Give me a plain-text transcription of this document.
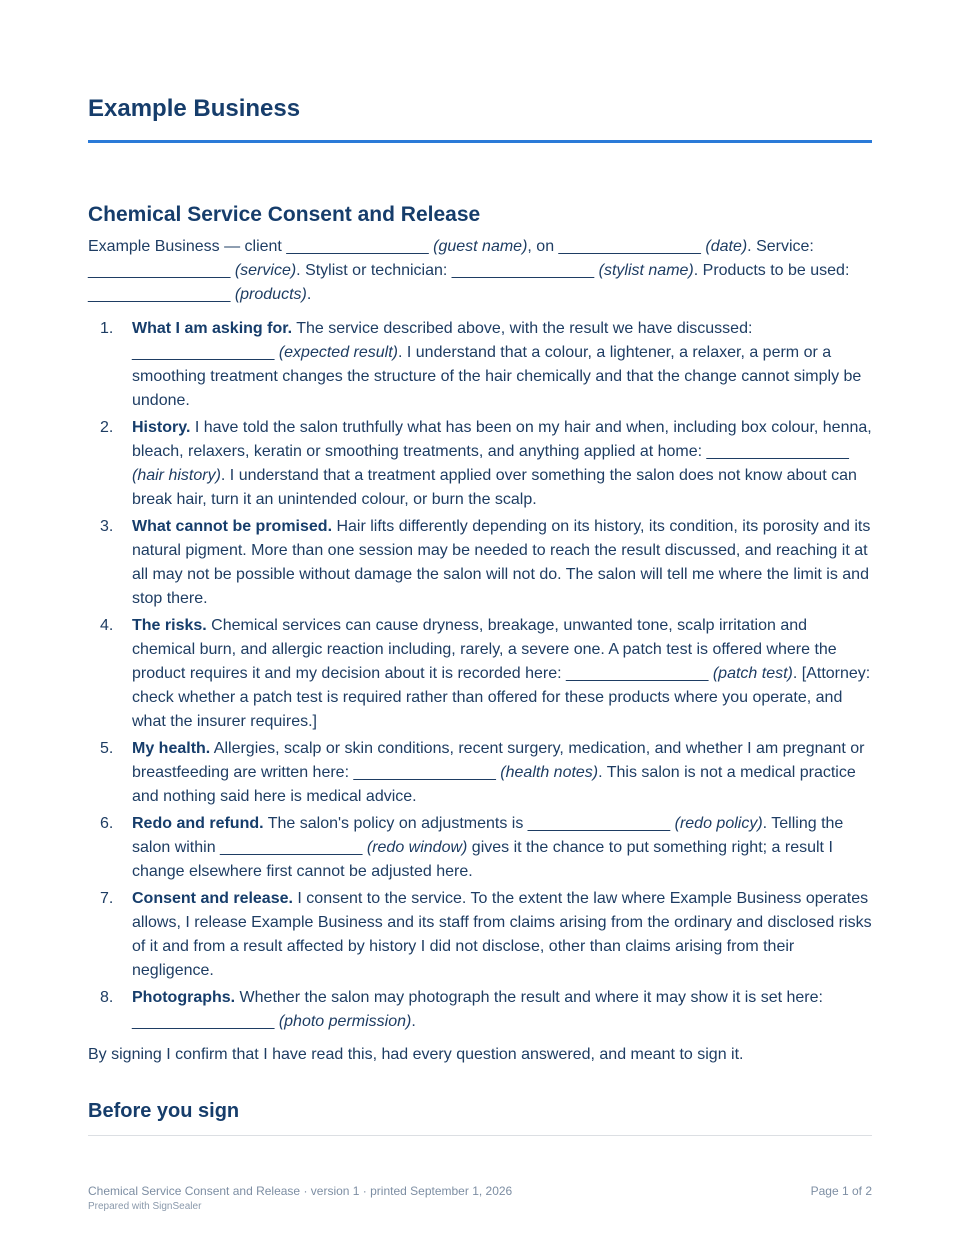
Example Business
Chemical Service Consent and Release

Example Business — client ________________ (guest name), on ________________ (date). Service: ________________ (service). Stylist or technician: ________________ (stylist name). Products to be used: ________________ (products).

1. What I am asking for. The service described above, with the result we have discussed: ________________ (expected result). I understand that a colour, a lightener, a relaxer, a perm or a smoothing treatment changes the structure of the hair chemically and that the change cannot simply be undone.
2. History. I have told the salon truthfully what has been on my hair and when, including box colour, henna, bleach, relaxers, keratin or smoothing treatments, and anything applied at home: ________________ (hair history). I understand that a treatment applied over something the salon does not know about can break hair, turn it an unintended colour, or burn the scalp.
3. What cannot be promised. Hair lifts differently depending on its history, its condition, its porosity and its natural pigment. More than one session may be needed to reach the result discussed, and reaching it at all may not be possible without damage the salon will not do. The salon will tell me where the limit is and stop there.
4. The risks. Chemical services can cause dryness, breakage, unwanted tone, scalp irritation and chemical burn, and allergic reaction including, rarely, a severe one. A patch test is offered where the product requires it and my decision about it is recorded here: ________________ (patch test). [Attorney: check whether a patch test is required rather than offered for these products where you operate, and what the insurer requires.]
5. My health. Allergies, scalp or skin conditions, recent surgery, medication, and whether I am pregnant or breastfeeding are written here: ________________ (health notes). This salon is not a medical practice and nothing said here is medical advice.
6. Redo and refund. The salon's policy on adjustments is ________________ (redo policy). Telling the salon within ________________ (redo window) gives it the chance to put something right; a result I change elsewhere first cannot be adjusted here.
7. Consent and release. I consent to the service. To the extent the law where Example Business operates allows, I release Example Business and its staff from claims arising from the ordinary and disclosed risks of it and from a result affected by history I did not disclose, other than claims arising from their negligence.
8. Photographs. Whether the salon may photograph the result and where it may show it is set here: ________________ (photo permission).

By signing I confirm that I have read this, had every question answered, and meant to sign it.

Before you sign
Chemical Service Consent and Release · version 1 · printed September 1, 2026	Page 1 of 2
Prepared with SignSealer
